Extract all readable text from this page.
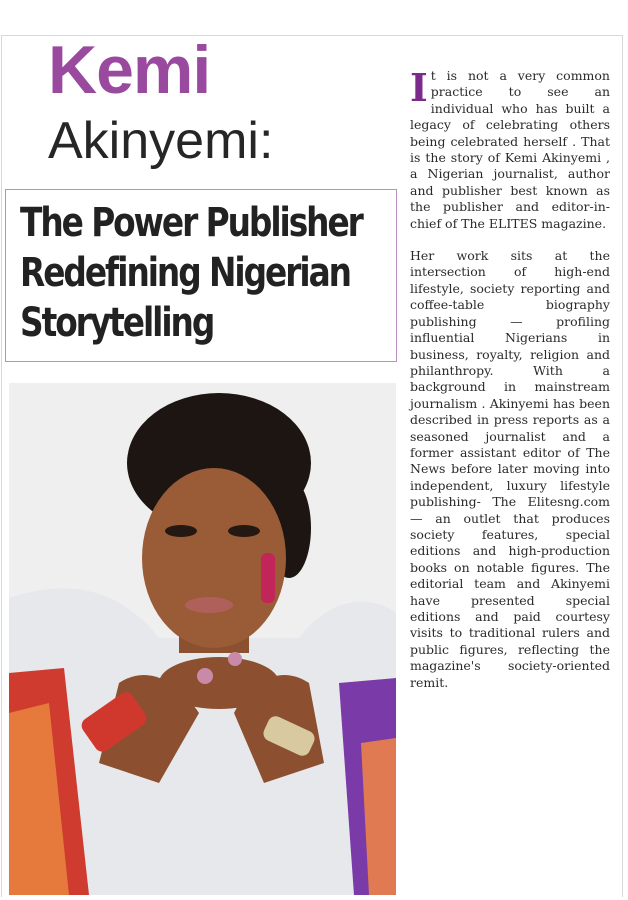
Kemi
Akinyemi:
The Power Publisher
Redefining Nigerian
Storytelling

It is not a very common practice to see an individual who has built a legacy of celebrating others being celebrated herself . That is the story of Kemi Akinyemi , a Nigerian journalist, author and publisher best known as the publisher and editor-in-chief of The ELITES magazine.

Her work sits at the intersection of high-end lifestyle, society reporting and coffee-table biography publishing — profiling influential Nigerians in business, royalty, religion and philanthropy. With a background in mainstream journalism . Akinyemi has been described in press reports as a seasoned journalist and a former assistant editor of The News before later moving into independent, luxury lifestyle publishing- The Elitesng.com — an outlet that produces society features, special editions and high-production books on notable figures. The editorial team and Akinyemi have presented special editions and paid courtesy visits to traditional rulers and public figures, reflecting the magazine's society-oriented remit.
